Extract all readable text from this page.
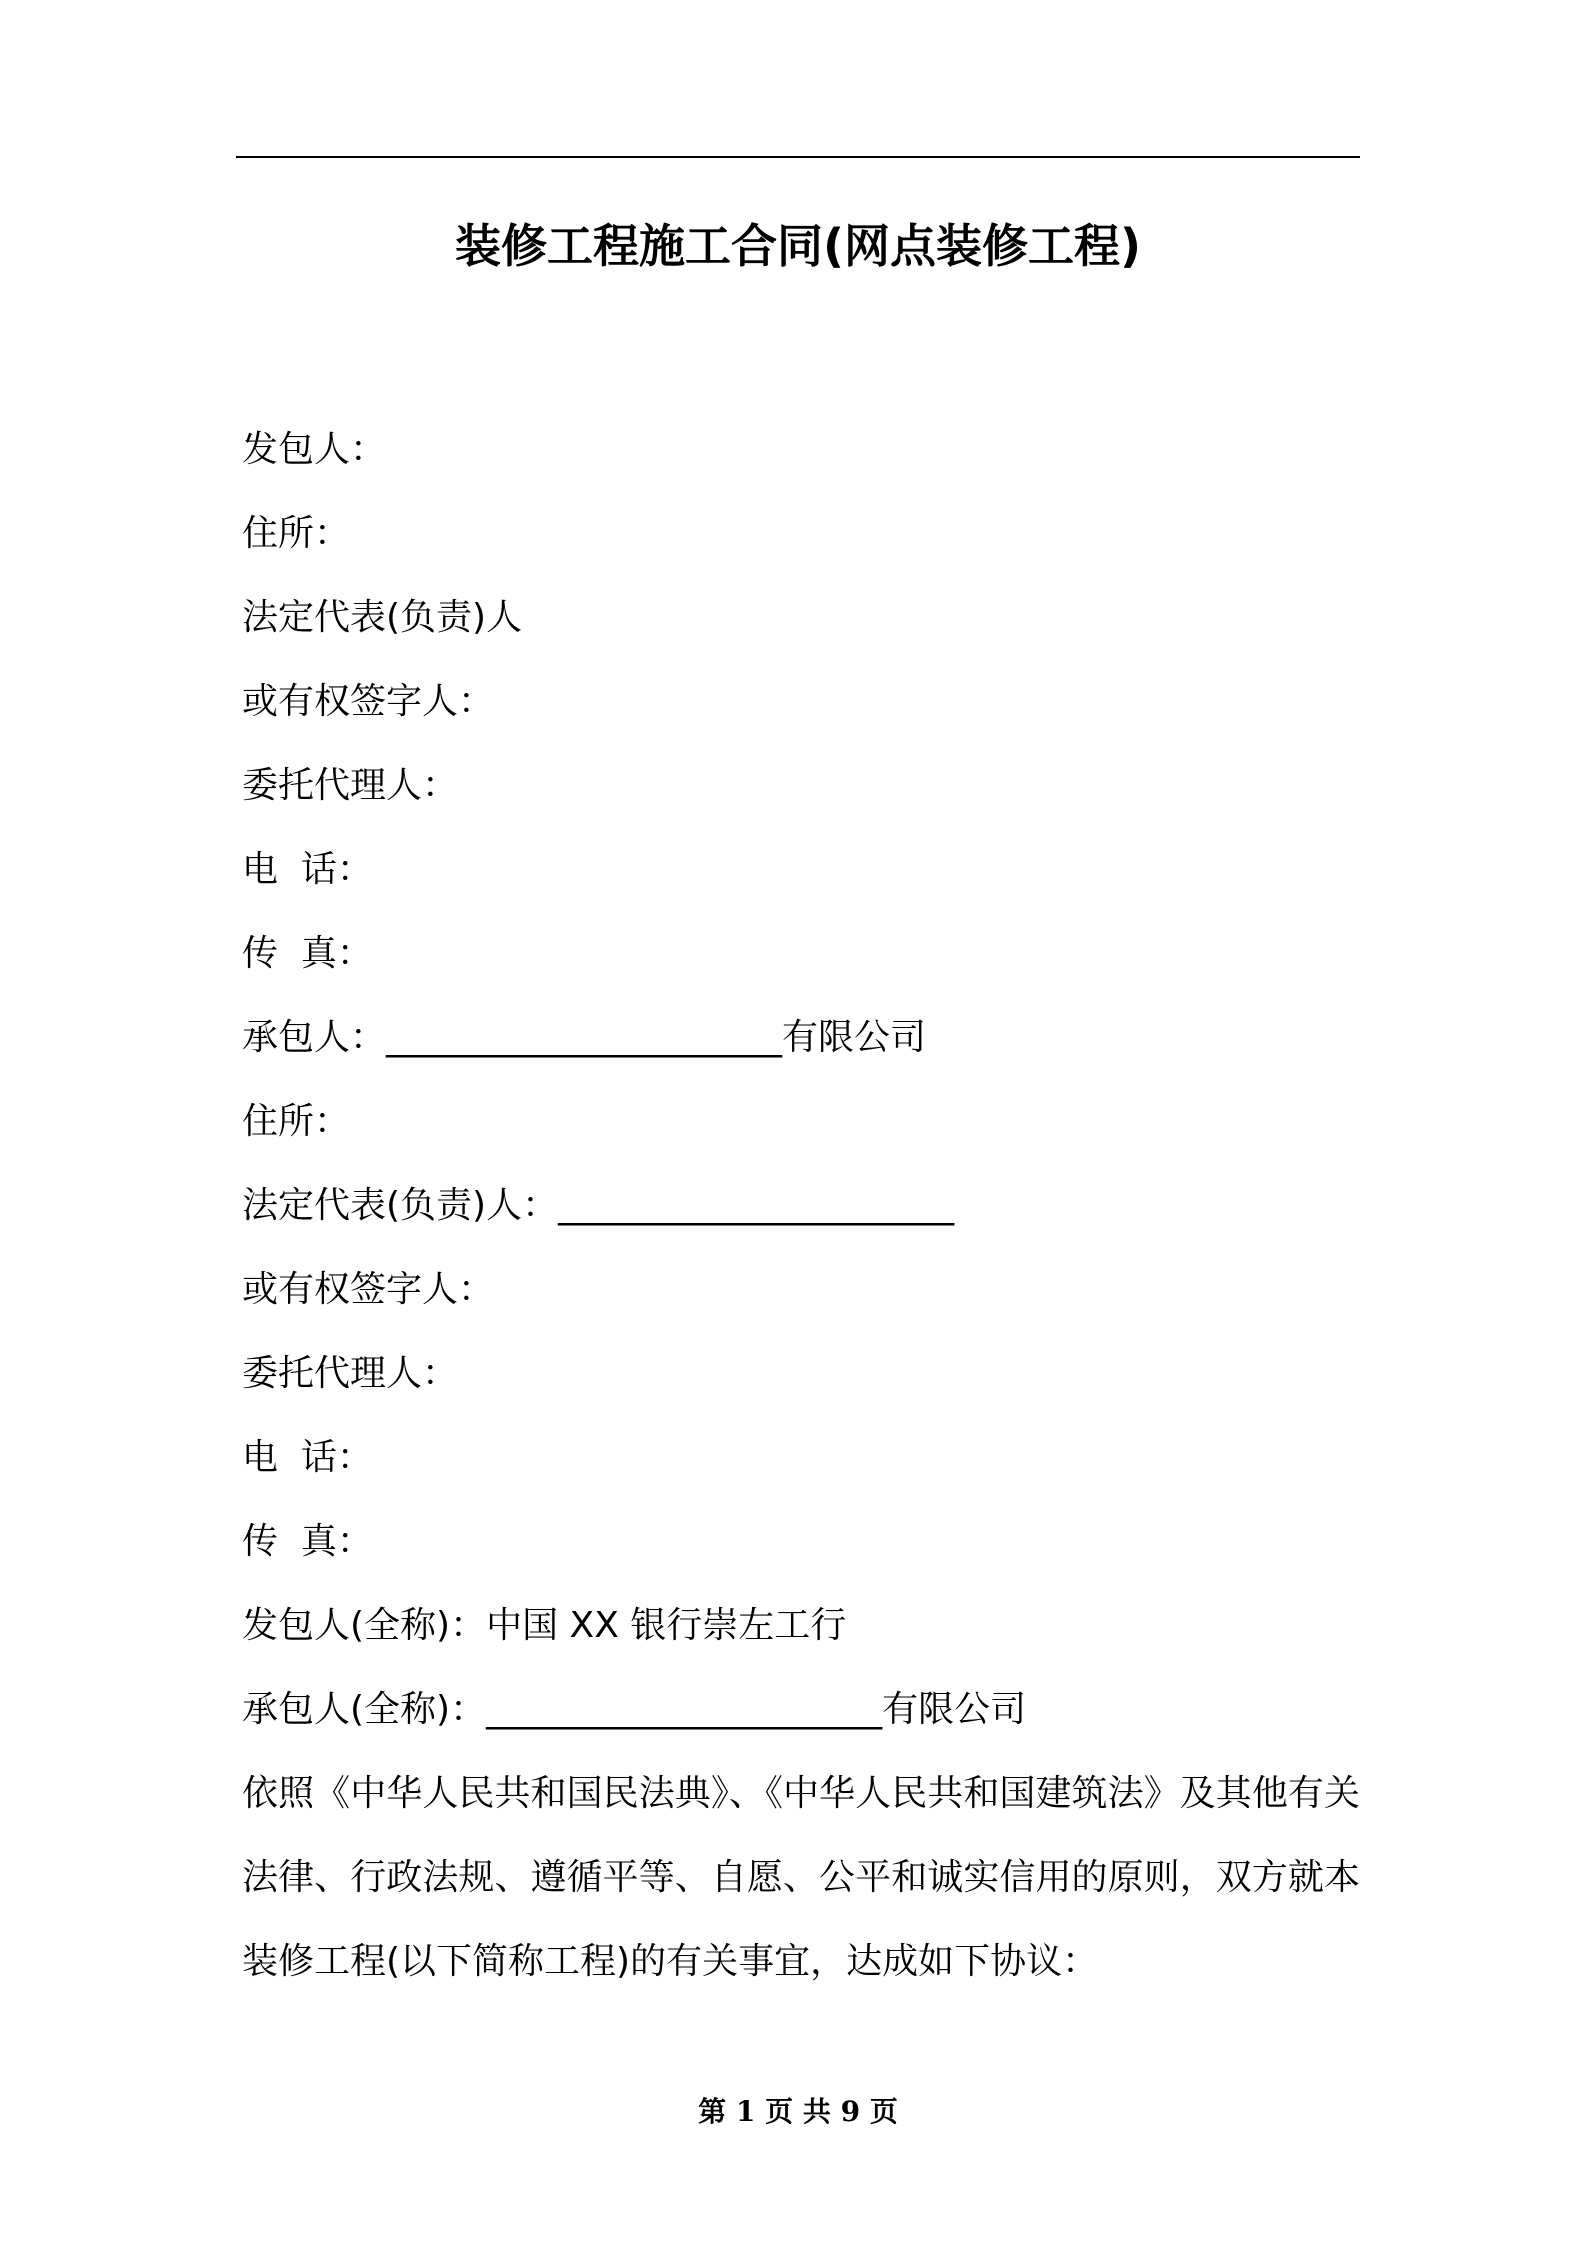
装修工程施工合同(网点装修工程)
发包人：
住所：
法定代表(负责)人
或有权签字人：
委托代理人：
电  话：
传  真：
承包人：______________________有限公司
住所：
法定代表(负责)人：______________________
或有权签字人：
委托代理人：
电  话：
传  真：
发包人(全称)：中国 XX 银行崇左工行
承包人(全称)：______________________有限公司

依照《中华人民共和国民法典》、《中华人民共和国建筑法》及其他有关法律、行政法规、遵循平等、自愿、公平和诚实信用的原则，双方就本装修工程(以下简称工程)的有关事宜，达成如下协议：

第 1 页 共 9 页
